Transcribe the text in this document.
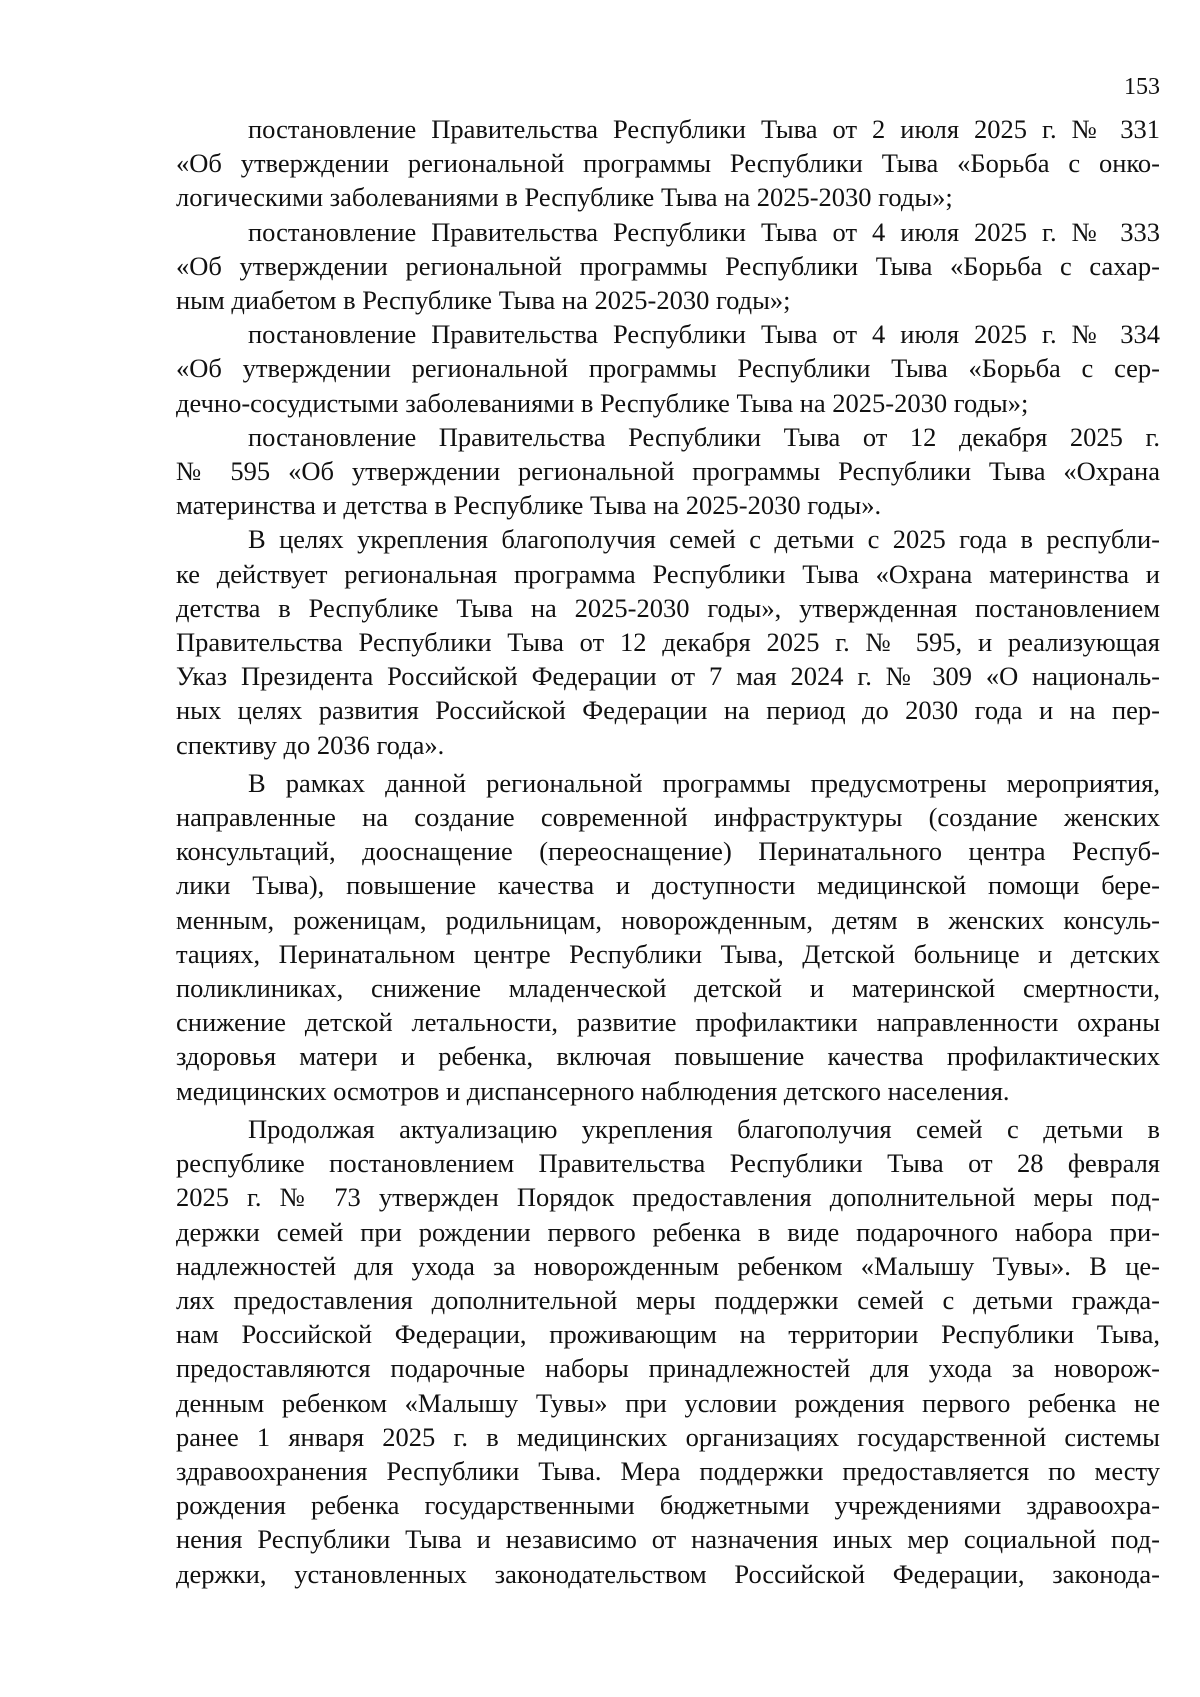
153

постановление Правительства Республики Тыва от 2 июля 2025 г. № 331
«Об утверждении региональной программы Республики Тыва «Борьба с онко-
логическими заболеваниями в Республике Тыва на 2025-2030 годы»;

постановление Правительства Республики Тыва от 4 июля 2025 г. № 333
«Об утверждении региональной программы Республики Тыва «Борьба с сахар-
ным диабетом в Республике Тыва на 2025-2030 годы»;

постановление Правительства Республики Тыва от 4 июля 2025 г. № 334
«Об утверждении региональной программы Республики Тыва «Борьба с сер-
дечно-сосудистыми заболеваниями в Республике Тыва на 2025-2030 годы»;

постановление Правительства Республики Тыва от 12 декабря 2025 г.
№ 595 «Об утверждении региональной программы Республики Тыва «Охрана
материнства и детства в Республике Тыва на 2025-2030 годы».

В целях укрепления благополучия семей с детьми с 2025 года в республи-
ке действует региональная программа Республики Тыва «Охрана материнства и
детства в Республике Тыва на 2025-2030 годы», утвержденная постановлением
Правительства Республики Тыва от 12 декабря 2025 г. № 595, и реализующая
Указ Президента Российской Федерации от 7 мая 2024 г. № 309 «О националь-
ных целях развития Российской Федерации на период до 2030 года и на пер-
спективу до 2036 года».

В рамках данной региональной программы предусмотрены мероприятия,
направленные на создание современной инфраструктуры (создание женских
консультаций, дооснащение (переоснащение) Перинатального центра Респуб-
лики Тыва), повышение качества и доступности медицинской помощи бере-
менным, роженицам, родильницам, новорожденным, детям в женских консуль-
тациях, Перинатальном центре Республики Тыва, Детской больнице и детских
поликлиниках, снижение младенческой детской и материнской смертности,
снижение детской летальности, развитие профилактики направленности охраны
здоровья матери и ребенка, включая повышение качества профилактических
медицинских осмотров и диспансерного наблюдения детского населения.

Продолжая актуализацию укрепления благополучия семей с детьми в
республике постановлением Правительства Республики Тыва от 28 февраля
2025 г. № 73 утвержден Порядок предоставления дополнительной меры под-
держки семей при рождении первого ребенка в виде подарочного набора при-
надлежностей для ухода за новорожденным ребенком «Малышу Тувы». В це-
лях предоставления дополнительной меры поддержки семей с детьми гражда-
нам Российской Федерации, проживающим на территории Республики Тыва,
предоставляются подарочные наборы принадлежностей для ухода за новорож-
денным ребенком «Малышу Тувы» при условии рождения первого ребенка не
ранее 1 января 2025 г. в медицинских организациях государственной системы
здравоохранения Республики Тыва. Мера поддержки предоставляется по месту
рождения ребенка государственными бюджетными учреждениями здравоохра-
нения Республики Тыва и независимо от назначения иных мер социальной под-
держки, установленных законодательством Российской Федерации, законода-
